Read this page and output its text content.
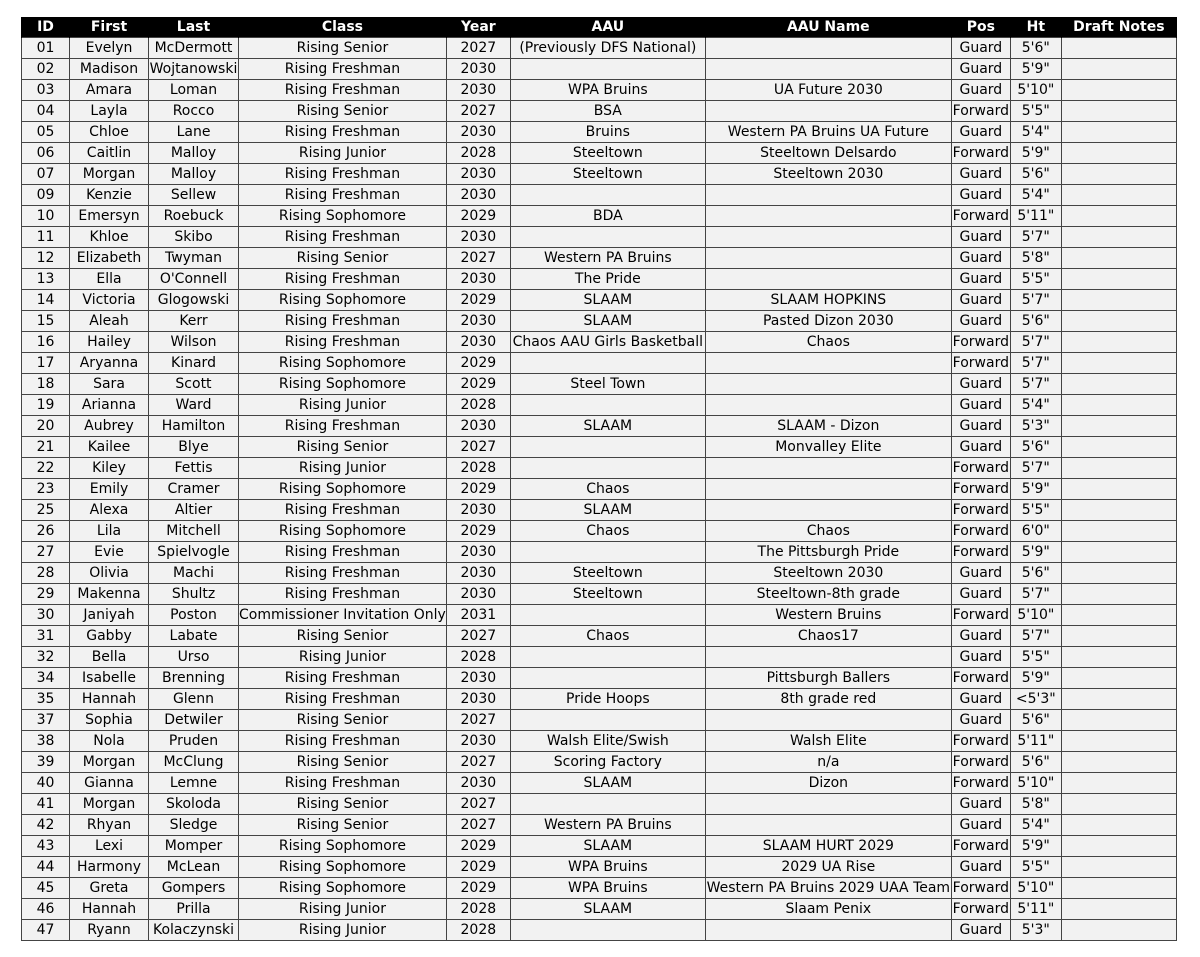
ID	First	Last	Class	Year	AAU	AAU Name	Pos	Ht	Draft Notes
01	Evelyn	McDermott	Rising Senior	2027	(Previously DFS National)		Guard	5'6"	
02	Madison	Wojtanowski	Rising Freshman	2030			Guard	5'9"	
03	Amara	Loman	Rising Freshman	2030	WPA Bruins	UA Future 2030	Guard	5'10"	
04	Layla	Rocco	Rising Senior	2027	BSA		Forward	5'5"	
05	Chloe	Lane	Rising Freshman	2030	Bruins	Western PA Bruins UA Future	Guard	5'4"	
06	Caitlin	Malloy	Rising Junior	2028	Steeltown	Steeltown Delsardo	Forward	5'9"	
07	Morgan	Malloy	Rising Freshman	2030	Steeltown	Steeltown 2030	Guard	5'6"	
09	Kenzie	Sellew	Rising Freshman	2030			Guard	5'4"	
10	Emersyn	Roebuck	Rising Sophomore	2029	BDA		Forward	5'11"	
11	Khloe	Skibo	Rising Freshman	2030			Guard	5'7"	
12	Elizabeth	Twyman	Rising Senior	2027	Western PA Bruins		Guard	5'8"	
13	Ella	O'Connell	Rising Freshman	2030	The Pride		Guard	5'5"	
14	Victoria	Glogowski	Rising Sophomore	2029	SLAAM	SLAAM HOPKINS	Guard	5'7"	
15	Aleah	Kerr	Rising Freshman	2030	SLAAM	Pasted Dizon 2030	Guard	5'6"	
16	Hailey	Wilson	Rising Freshman	2030	Chaos AAU Girls Basketball	Chaos	Forward	5'7"	
17	Aryanna	Kinard	Rising Sophomore	2029			Forward	5'7"	
18	Sara	Scott	Rising Sophomore	2029	Steel Town		Guard	5'7"	
19	Arianna	Ward	Rising Junior	2028			Guard	5'4"	
20	Aubrey	Hamilton	Rising Freshman	2030	SLAAM	SLAAM - Dizon	Guard	5'3"	
21	Kailee	Blye	Rising Senior	2027		Monvalley Elite	Guard	5'6"	
22	Kiley	Fettis	Rising Junior	2028			Forward	5'7"	
23	Emily	Cramer	Rising Sophomore	2029	Chaos		Forward	5'9"	
25	Alexa	Altier	Rising Freshman	2030	SLAAM		Forward	5'5"	
26	Lila	Mitchell	Rising Sophomore	2029	Chaos	Chaos	Forward	6'0"	
27	Evie	Spielvogle	Rising Freshman	2030		The Pittsburgh Pride	Forward	5'9"	
28	Olivia	Machi	Rising Freshman	2030	Steeltown	Steeltown 2030	Guard	5'6"	
29	Makenna	Shultz	Rising Freshman	2030	Steeltown	Steeltown-8th grade	Guard	5'7"	
30	Janiyah	Poston	Commissioner Invitation Only	2031		Western Bruins	Forward	5'10"	
31	Gabby	Labate	Rising Senior	2027	Chaos	Chaos17	Guard	5'7"	
32	Bella	Urso	Rising Junior	2028			Guard	5'5"	
34	Isabelle	Brenning	Rising Freshman	2030		Pittsburgh Ballers	Forward	5'9"	
35	Hannah	Glenn	Rising Freshman	2030	Pride Hoops	8th grade red	Guard	<5'3"	
37	Sophia	Detwiler	Rising Senior	2027			Guard	5'6"	
38	Nola	Pruden	Rising Freshman	2030	Walsh Elite/Swish	Walsh Elite	Forward	5'11"	
39	Morgan	McClung	Rising Senior	2027	Scoring Factory	n/a	Forward	5'6"	
40	Gianna	Lemne	Rising Freshman	2030	SLAAM	Dizon	Forward	5'10"	
41	Morgan	Skoloda	Rising Senior	2027			Guard	5'8"	
42	Rhyan	Sledge	Rising Senior	2027	Western PA Bruins		Guard	5'4"	
43	Lexi	Momper	Rising Sophomore	2029	SLAAM	SLAAM HURT 2029	Forward	5'9"	
44	Harmony	McLean	Rising Sophomore	2029	WPA Bruins	2029 UA Rise	Guard	5'5"	
45	Greta	Gompers	Rising Sophomore	2029	WPA Bruins	Western PA Bruins 2029 UAA Team	Forward	5'10"	
46	Hannah	Prilla	Rising Junior	2028	SLAAM	Slaam Penix	Forward	5'11"	
47	Ryann	Kolaczynski	Rising Junior	2028			Guard	5'3"	
